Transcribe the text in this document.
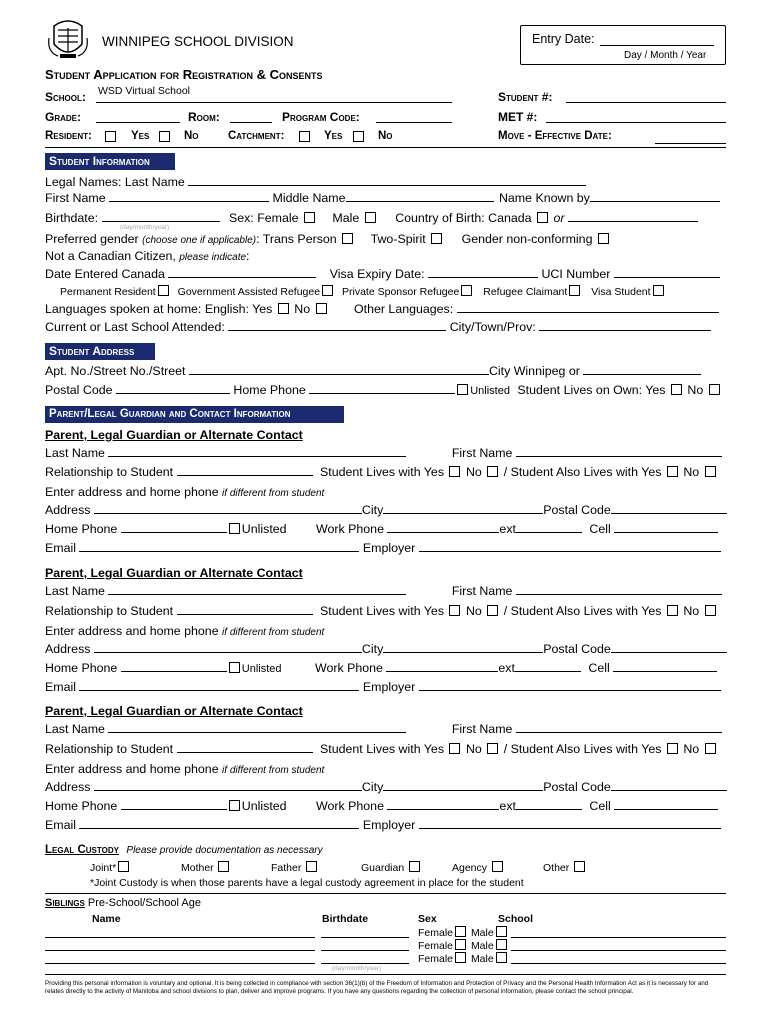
WINNIPEG SCHOOL DIVISION	Entry Date:
Day / Month / Year
Student Application for Registration & Consents
School: WSD Virtual School	Student #:
Grade:	Room:	Program Code:	MET #:
Resident:	Yes	No	Catchment:	Yes	No	Move - Effective Date:
Student Information
Legal Names: Last Name
First Name	Middle Name	Name Known by
Birthdate:	Sex: Female	Male	Country of Birth: Canada or
(day/month/year)
Preferred gender (choose one if applicable): Trans Person	Two-Spirit	Gender non-conforming
Not a Canadian Citizen, please indicate:
Date Entered Canada	Visa Expiry Date:	UCI Number
Permanent Resident Government Assisted Refugee Private Sponsor Refugee Refugee Claimant Visa Student
Languages spoken at home: English: Yes No	Other Languages:
Current or Last School Attended:	City/Town/Prov:
Student Address
Apt. No./Street No./Street	City Winnipeg or
Postal Code	Home Phone	Unlisted Student Lives on Own: Yes No
Parent/Legal Guardian and Contact Information
Parent, Legal Guardian or Alternate Contact
Last Name	First Name
Relationship to Student	Student Lives with Yes No / Student Also Lives with Yes No
Enter address and home phone if different from student
Address	City	Postal Code
Home Phone	Unlisted Work Phone	ext	Cell
Email	Employer
Parent, Legal Guardian or Alternate Contact
Last Name	First Name
Relationship to Student	Student Lives with Yes No / Student Also Lives with Yes No
Enter address and home phone if different from student
Address	City	Postal Code
Home Phone	Unlisted	Work Phone	ext	Cell
Email	Employer
Parent, Legal Guardian or Alternate Contact
Last Name	First Name
Relationship to Student	Student Lives with Yes No / Student Also Lives with Yes No
Enter address and home phone if different from student
Address	City	Postal Code
Home Phone	Unlisted Work Phone	ext	Cell
Email	Employer
Legal Custody Please provide documentation as necessary
Joint*	Mother	Father	Guardian	Agency	Other
*Joint Custody is when those parents have a legal custody agreement in place for the student
Siblings Pre-School/School Age
Name	Birthdate	Sex	School
Female Male
Female Male
Female Male
(day/month/year)
Providing this personal information is voluntary and optional. It is being collected in compliance with section 36(1)(b) of the Freedom of Information and Protection of Privacy and the Personal Health Information Act as it is necessary for and relates directly to the activity of Manitoba and school divisions to plan, deliver and improve programs. If you have any questions regarding the collection of personal information, please contact the school principal.
